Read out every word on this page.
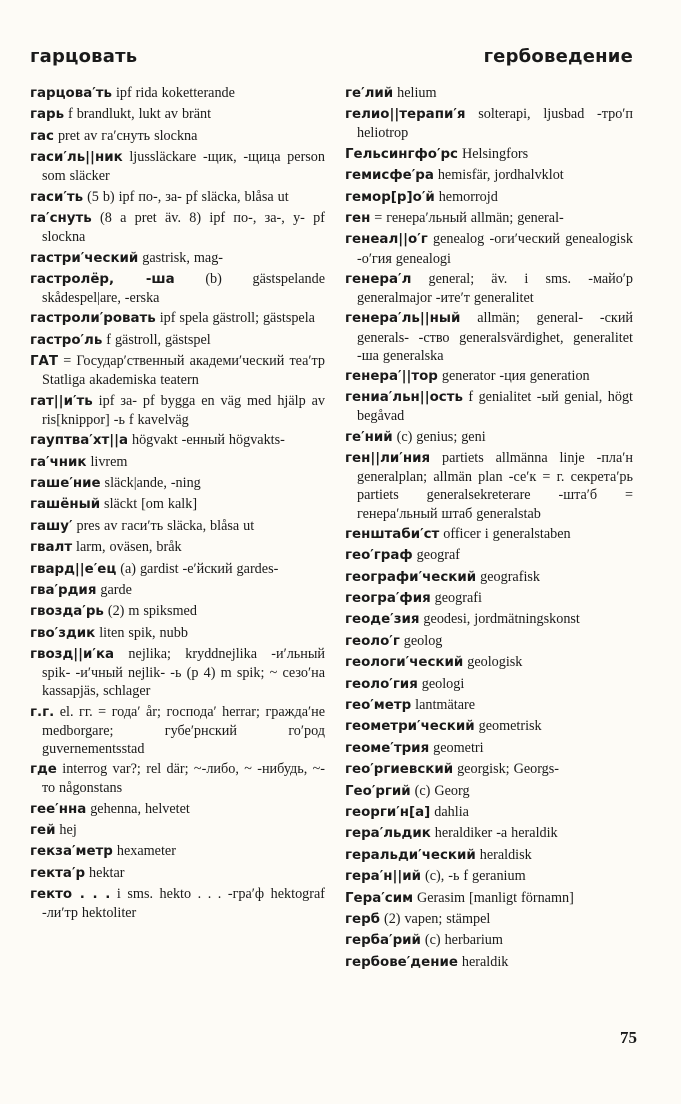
гарцовать	гербоведение
гарцова′ть ipf rida koketterande
гарь f brandlukt, lukt av bränt
гас pret av га′снуть slockna
гаси′ль||ник ljussläckare -щик, -щица person som släcker
гаси′ть (5 b) ipf по-, за- pf släcka, blåsa ut
га′снуть (8 a pret äv. 8) ipf по-, за-, у- pf slockna
гастри′ческий gastrisk, mag-
гастролёр, -ша (b) gästspelande skådespel|are, -erska
гастроли′ровать ipf spela gästroll; gästspela
гастро′ль f gästroll, gästspel
ГАТ = Государ′ственный академи′ческий теа′тр Statliga akademiska teatern
гат||и′ть ipf за- pf bygga en väg med hjälp av ris[knippor] -ь f kavelväg
гауптва′хт||а högvakt -енный högvakts-
га′чник livrem
гаше′ние släck|ande, -ning
гашёный släckt [om kalk]
гашу′ pres av гаси′ть släcka, blåsa ut
гвалт larm, oväsen, bråk
гвард||е′ец (a) gardist -е′йский gardes-
гва′рдия garde
гвозда′рь (2) m spiksmed
гво′здик liten spik, nubb
гвозд||и′ка nejlika; kryddnejlika -и′льный spik- -и′чный nejlik- -ь (p 4) m spik; ~ сезо′на kassapjäs, schlager
г.г. el. гг. = года′ år; господа′ herrar; гражда′не medborgare; губе′рнский го′род guvernementsstad
где interrog var?; rel där; ~-либо, ~ -нибудь, ~-то någonstans
гее′нна gehenna, helvetet
гей hej
гекза′метр hexameter
гекта′р hektar
гекто . . . i sms. hekto . . . -гра′ф hektograf -ли′тр hektoliter
ге′лий helium
гелио||терапи′я solterapi, ljusbad -тро′п heliotrop
Гельсингфо′рс Helsingfors
гемисфе′ра hemisfär, jordhalvklot
гемор[р]о′й hemorrojd
ген = генера′льный allmän; general-
генеал||о′г genealog -оги′ческий genealogisk -о′гия genealogi
генера′л general; äv. i sms. -майо′р generalmajor -ите′т generalitet
генера′ль||ный allmän; general- -ский generals- -ство generalsvärdighet, generalitet -ша generalska
генера′||тор generator -ция generation
гениа′льн||ость f genialitet -ый genial, högt begåvad
ге′ний (c) genius; geni
ген||ли′ния partiets allmänna linje -пла′н generalplan; allmän plan -се′к = г. секрета′рь partiets generalsekreterare -шта′б = генера′льный штаб generalstab
генштаби′ст officer i generalstaben
гео′граф geograf
географи′ческий geografisk
геогра′фия geografi
геоде′зия geodesi, jordmätningskonst
геоло′г geolog
геологи′ческий geologisk
геоло′гия geologi
гео′метр lantmätare
геометри′ческий geometrisk
геоме′трия geometri
гео′ргиевский georgisk; Georgs-
Гео′ргий (c) Georg
георги′н[а] dahlia
гера′льдик heraldiker -а heraldik
геральди′ческий heraldisk
гера′н||ий (c), -ь f geranium
Гера′сим Gerasim [manligt förnamn]
герб (2) vapen; stämpel
герба′рий (c) herbarium
гербове′дение heraldik
75
